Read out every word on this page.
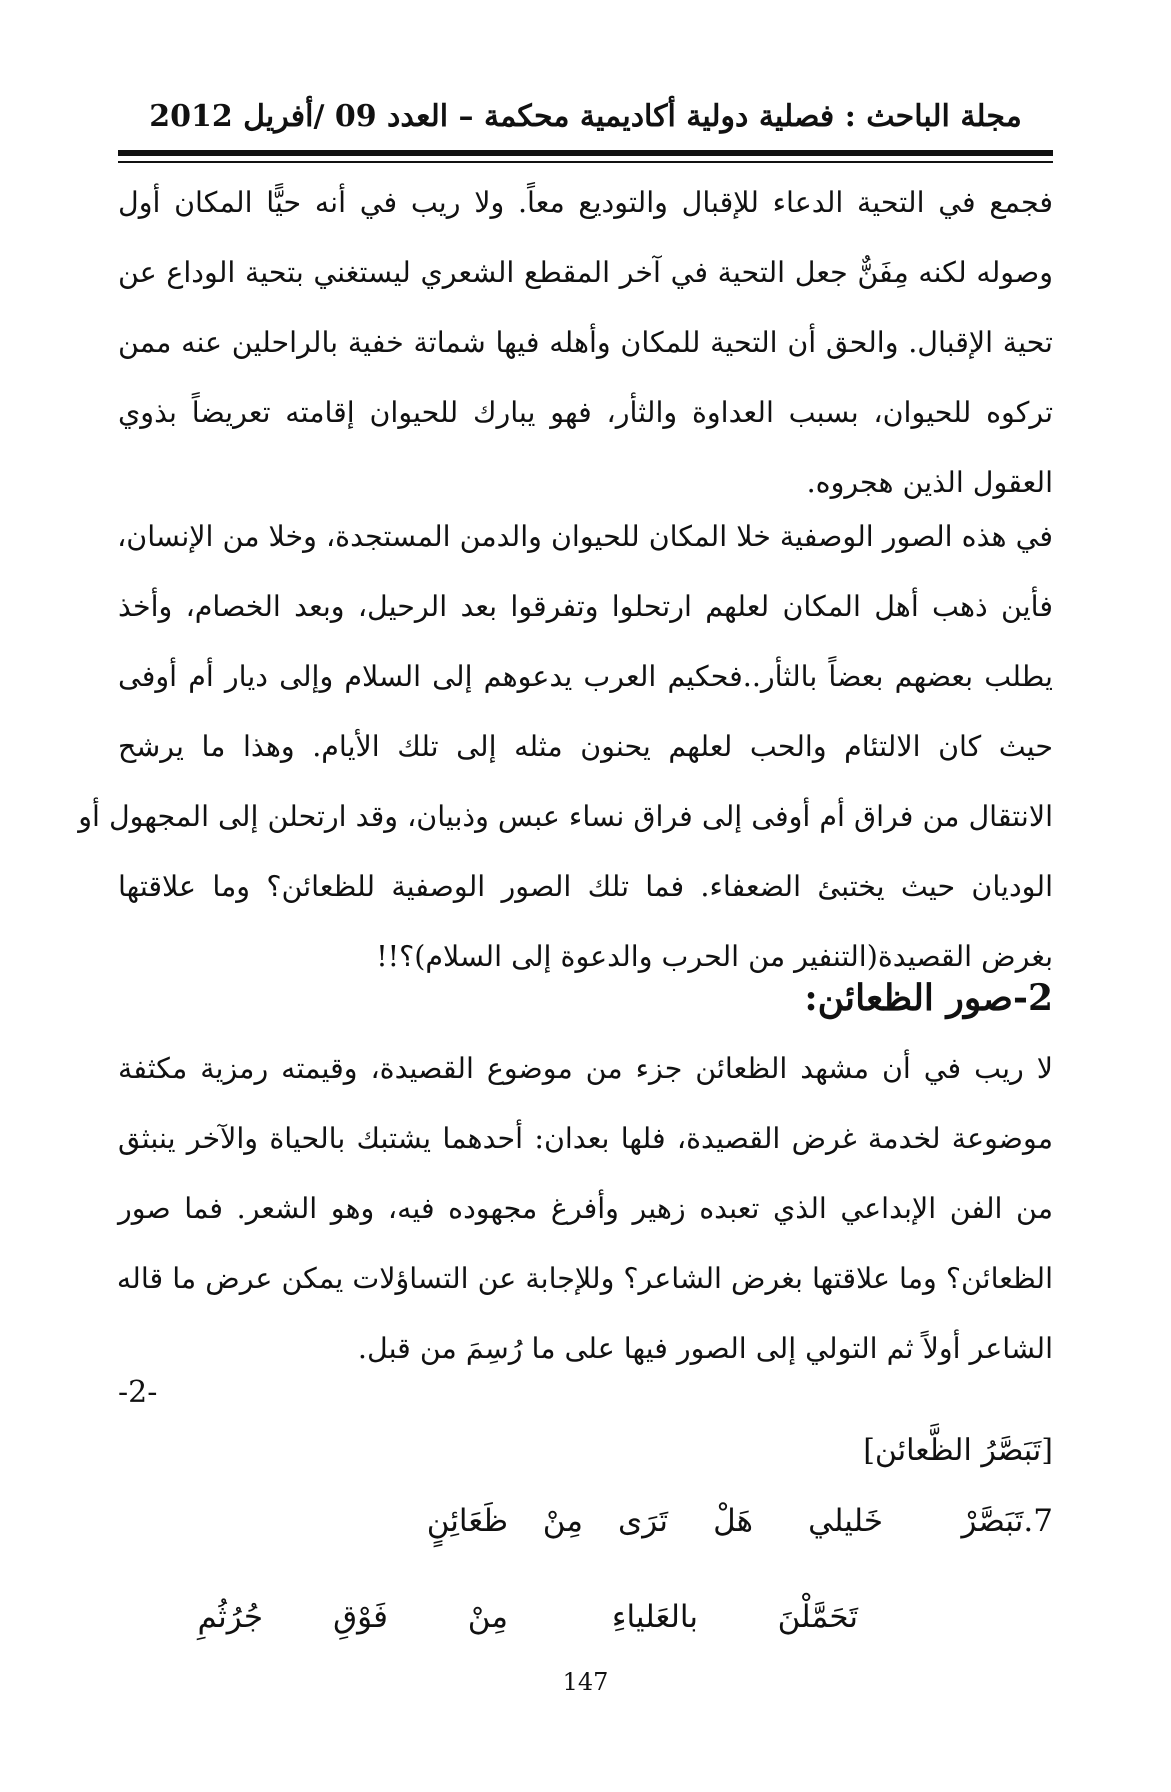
مجلة الباحث : فصلية دولية أكاديمية محكمة – العدد 09 /أفريل 2012

فجمع في التحية الدعاء للإقبال والتوديع معاً. ولا ريب في أنه حيًّا المكان أول

وصوله لكنه مِفَنٌّ جعل التحية في آخر المقطع الشعري ليستغني بتحية الوداع عن

تحية الإقبال. والحق أن التحية للمكان وأهله فيها شماتة خفية بالراحلين عنه ممن

تركوه للحيوان، بسبب العداوة والثأر، فهو يبارك للحيوان إقامته تعريضاً بذوي

العقول الذين هجروه.

في هذه الصور الوصفية خلا المكان للحيوان والدمن المستجدة، وخلا من الإنسان،

فأين ذهب أهل المكان لعلهم ارتحلوا وتفرقوا بعد الرحيل، وبعد الخصام، وأخذ

يطلب بعضهم بعضاً بالثأر..فحكيم العرب يدعوهم إلى السلام وإلى ديار أم أوفى

حيث كان الالتئام والحب لعلهم يحنون مثله إلى تلك الأيام. وهذا ما يرشح

الانتقال من فراق أم أوفى إلى فراق نساء عبس وذبيان، وقد ارتحلن إلى المجهول أو

الوديان حيث يختبئ الضعفاء. فما تلك الصور الوصفية للظعائن؟ وما علاقتها

بغرض القصيدة(التنفير من الحرب والدعوة إلى السلام)؟!!

2-صور الظعائن:

لا ريب في أن مشهد الظعائن جزء من موضوع القصيدة، وقيمته رمزية مكثفة

موضوعة لخدمة غرض القصيدة، فلها بعدان: أحدهما يشتبك بالحياة والآخر ينبثق

من الفن الإبداعي الذي تعبده زهير وأفرغ مجهوده فيه، وهو الشعر. فما صور

الظعائن؟ وما علاقتها بغرض الشاعر؟ وللإجابة عن التساؤلات يمكن عرض ما قاله

الشاعر أولاً ثم التولي إلى الصور فيها على ما رُسِمَ من قبل.

-2-
[تَبَصَّرُ الظَّعائن]
7.تَبَصَّرْ
خَليلي
هَلْ
تَرَى
مِنْ
ظَعَائِنٍ
تَحَمَّلْنَ
بالعَلياءِ
مِنْ
فَوْقِ
جُرُثُمِ
147
